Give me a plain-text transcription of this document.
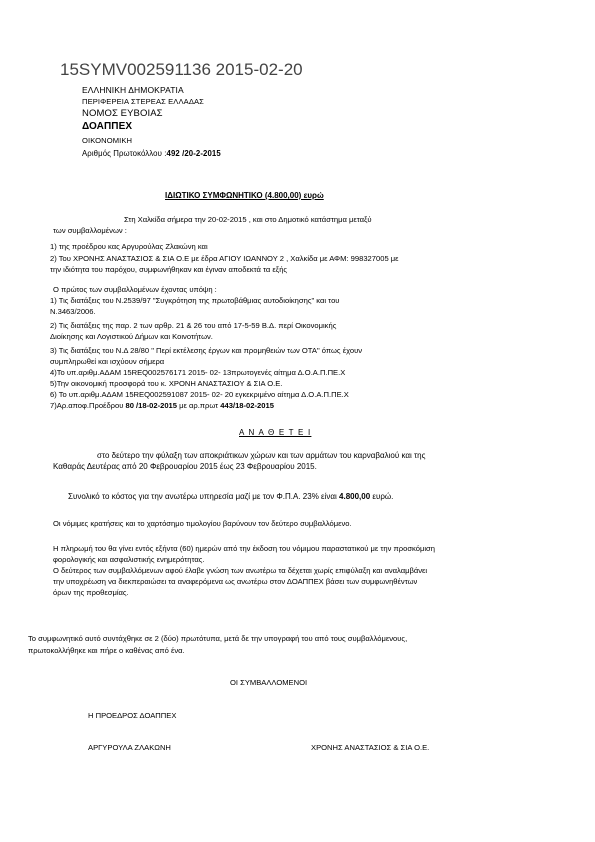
15SYMV002591136 2015-02-20
ΕΛΛΗΝΙΚΗ ΔΗΜΟΚΡΑΤΙΑ
ΠΕΡΙΦΕΡΕΙΑ ΣΤΕΡΕΑΣ ΕΛΛΑΔΑΣ
ΝΟΜΟΣ ΕΥΒΟΙΑΣ
ΔΟΑΠΠΕΧ
ΟΙΚΟΝΟΜΙΚΗ
Αριθμός Πρωτοκόλλου :492 /20-2-2015
ΙΔΙΩΤΙΚΟ ΣΥΜΦΩΝΗΤΙΚΟ (4.800,00) ευρώ
Στη Χαλκίδα σήμερα την 20-02-2015 , και στο Δημοτικό κατάστημα μεταξύ
των συμβαλλομένων :
1) της προέδρου κας Αργυρούλας Ζλακώνη και
2) Του ΧΡΟΝΗΣ ΑΝΑΣΤΑΣΙΟΣ & ΣΙΑ Ο.Ε με έδρα ΑΓΙΟΥ ΙΩΑΝΝΟΥ 2 , Χαλκίδα με ΑΦΜ: 998327005 με
την ιδιότητα του παρόχου, συμφωνήθηκαν και έγιναν αποδεκτά τα εξής
Ο πρώτος των συμβαλλομένων έχοντας υπόψη :
1) Τις διατάξεις του Ν.2539/97 "Συγκρότηση της πρωτοβάθμιας αυτοδιοίκησης" και του
Ν.3463/2006.
2) Τις διατάξεις της παρ. 2 των αρθρ. 21 & 26 του από 17-5-59 Β.Δ. περί Οικονομικής
Διοίκησης και Λογιστικού Δήμων και Κοινοτήτων.
3) Τις διατάξεις του Ν.Δ 28/80 " Περί εκτέλεσης έργων και προμηθειών των ΟΤΑ" όπως έχουν
συμπληρωθεί και ισχύουν σήμερα
4)Το υπ.αριθμ.ΑΔΑΜ 15REQ002576171 2015- 02- 13πρωτογενές αίτημα Δ.Ο.Α.Π.ΠΕ.Χ
5)Την οικονομική προσφορά του κ. ΧΡΟΝΗ ΑΝΑΣΤΑΣΙΟΥ & ΣΙΑ Ο.Ε.
6) Το υπ.αριθμ.ΑΔΑΜ 15REQ002591087 2015- 02- 20 εγκεκριμένο αίτημα Δ.Ο.Α.Π.ΠΕ.Χ
7)Αρ.αποφ.Προέδρου 80 /18-02-2015 με αρ.πρωτ 443/18-02-2015
Α Ν Α Θ Ε Τ Ε Ι
στο δεύτερο την φύλαξη των αποκριάτικων χώρων και των αρμάτων του καρναβαλιού και της
Καθαράς Δευτέρας από 20 Φεβρουαρίου 2015 έως 23 Φεβρουαρίου 2015.
Συνολικό το κόστος για την ανωτέρω υπηρεσία μαζί με τον Φ.Π.Α. 23% είναι 4.800,00 ευρώ.
Οι νόμιμες κρατήσεις και το χαρτόσημο τιμολογίου βαρύνουν τον δεύτερο συμβαλλόμενο.
Η πληρωμή του θα γίνει εντός εξήντα (60) ημερών από την έκδοση του νόμιμου παραστατικού με την προσκόμιση
φορολογικής και ασφαλιστικής ενημερότητας.
Ο δεύτερος των συμβαλλόμενων αφού έλαβε γνώση των ανωτέρω τα δέχεται χωρίς επιφύλαξη και αναλαμβάνει
την υποχρέωση να διεκπεραιώσει τα αναφερόμενα ως ανωτέρω στον ΔΟΑΠΠΕΧ βάσει των συμφωνηθέντων
όρων της προθεσμίας.
Το συμφωνητικό αυτό συντάχθηκε σε 2 (δύο) πρωτότυπα, μετά δε την υπογραφή του από τους συμβαλλόμενους,
πρωτοκολλήθηκε και πήρε ο καθένας από ένα.
ΟΙ ΣΥΜΒΑΛΛΟΜΕΝΟΙ
Η ΠΡΟΕΔΡΟΣ ΔΟΑΠΠΕΧ
ΑΡΓΥΡΟΥΛΑ ΖΛΑΚΩΝΗ	ΧΡΟΝΗΣ ΑΝΑΣΤΑΣΙΟΣ & ΣΙΑ Ο.Ε.
